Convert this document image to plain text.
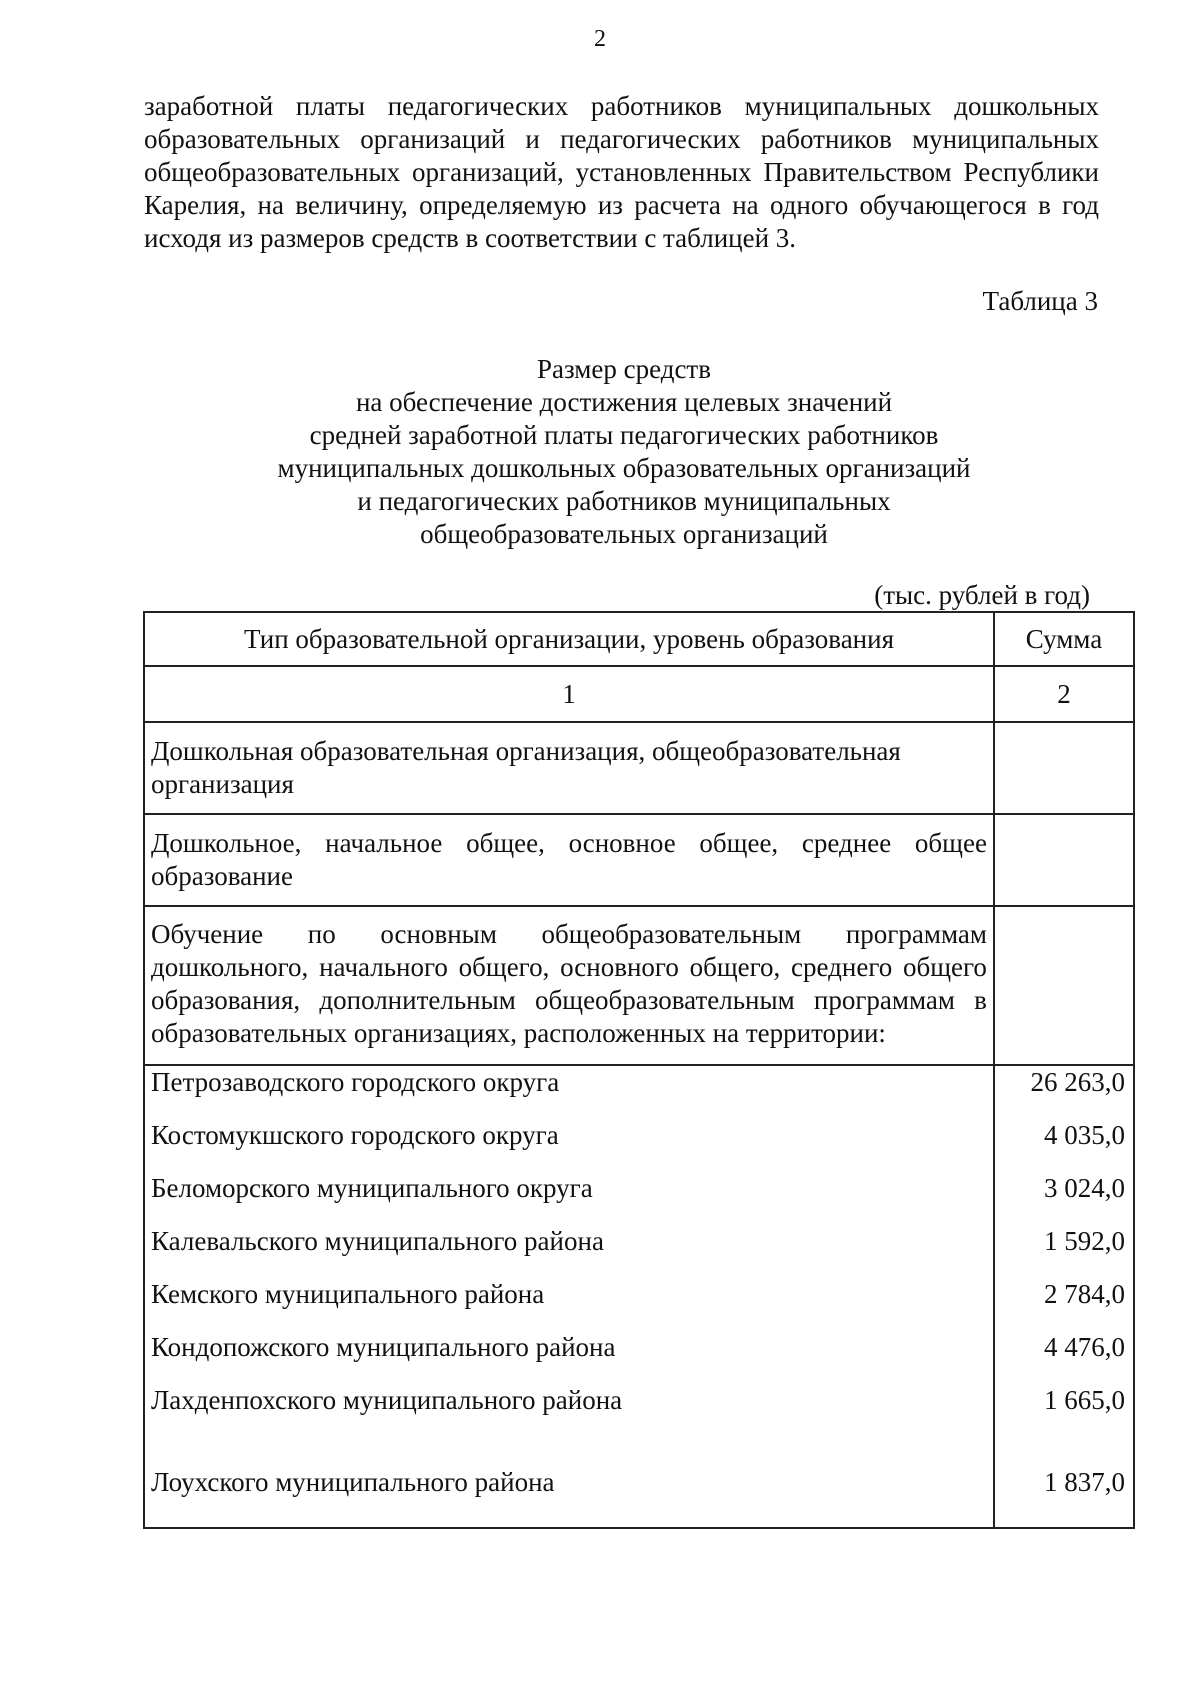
2

заработной платы педагогических работников муниципальных дошкольных образовательных организаций и педагогических работников муниципальных общеобразовательных организаций, установленных Правительством Республики Карелия, на величину, определяемую из расчета на одного обучающегося в год исходя из размеров средств в соответствии с таблицей 3.

Таблица 3
Размер средств
на обеспечение достижения целевых значений
средней заработной платы педагогических работников
муниципальных дошкольных образовательных организаций
и педагогических работников муниципальных
общеобразовательных организаций
(тыс. рублей в год)
Тип образовательной организации, уровень образования	Сумма
1	2
Дошкольная образовательная организация, общеобразовательная организация	
Дошкольное, начальное общее, основное общее, среднее общее образование	
Обучение по основным общеобразовательным программам дошкольного, начального общего, основного общего, среднего общего образования, дополнительным общеобразовательным программам в образовательных организациях, расположенных на территории:	
Петрозаводского городского округа	26 263,0
Костомукшского городского округа	4 035,0
Беломорского муниципального округа	3 024,0
Калевальского муниципального района	1 592,0
Кемского муниципального района	2 784,0
Кондопожского муниципального района	4 476,0
Лахденпохского муниципального района	1 665,0
Лоухского муниципального района	1 837,0
